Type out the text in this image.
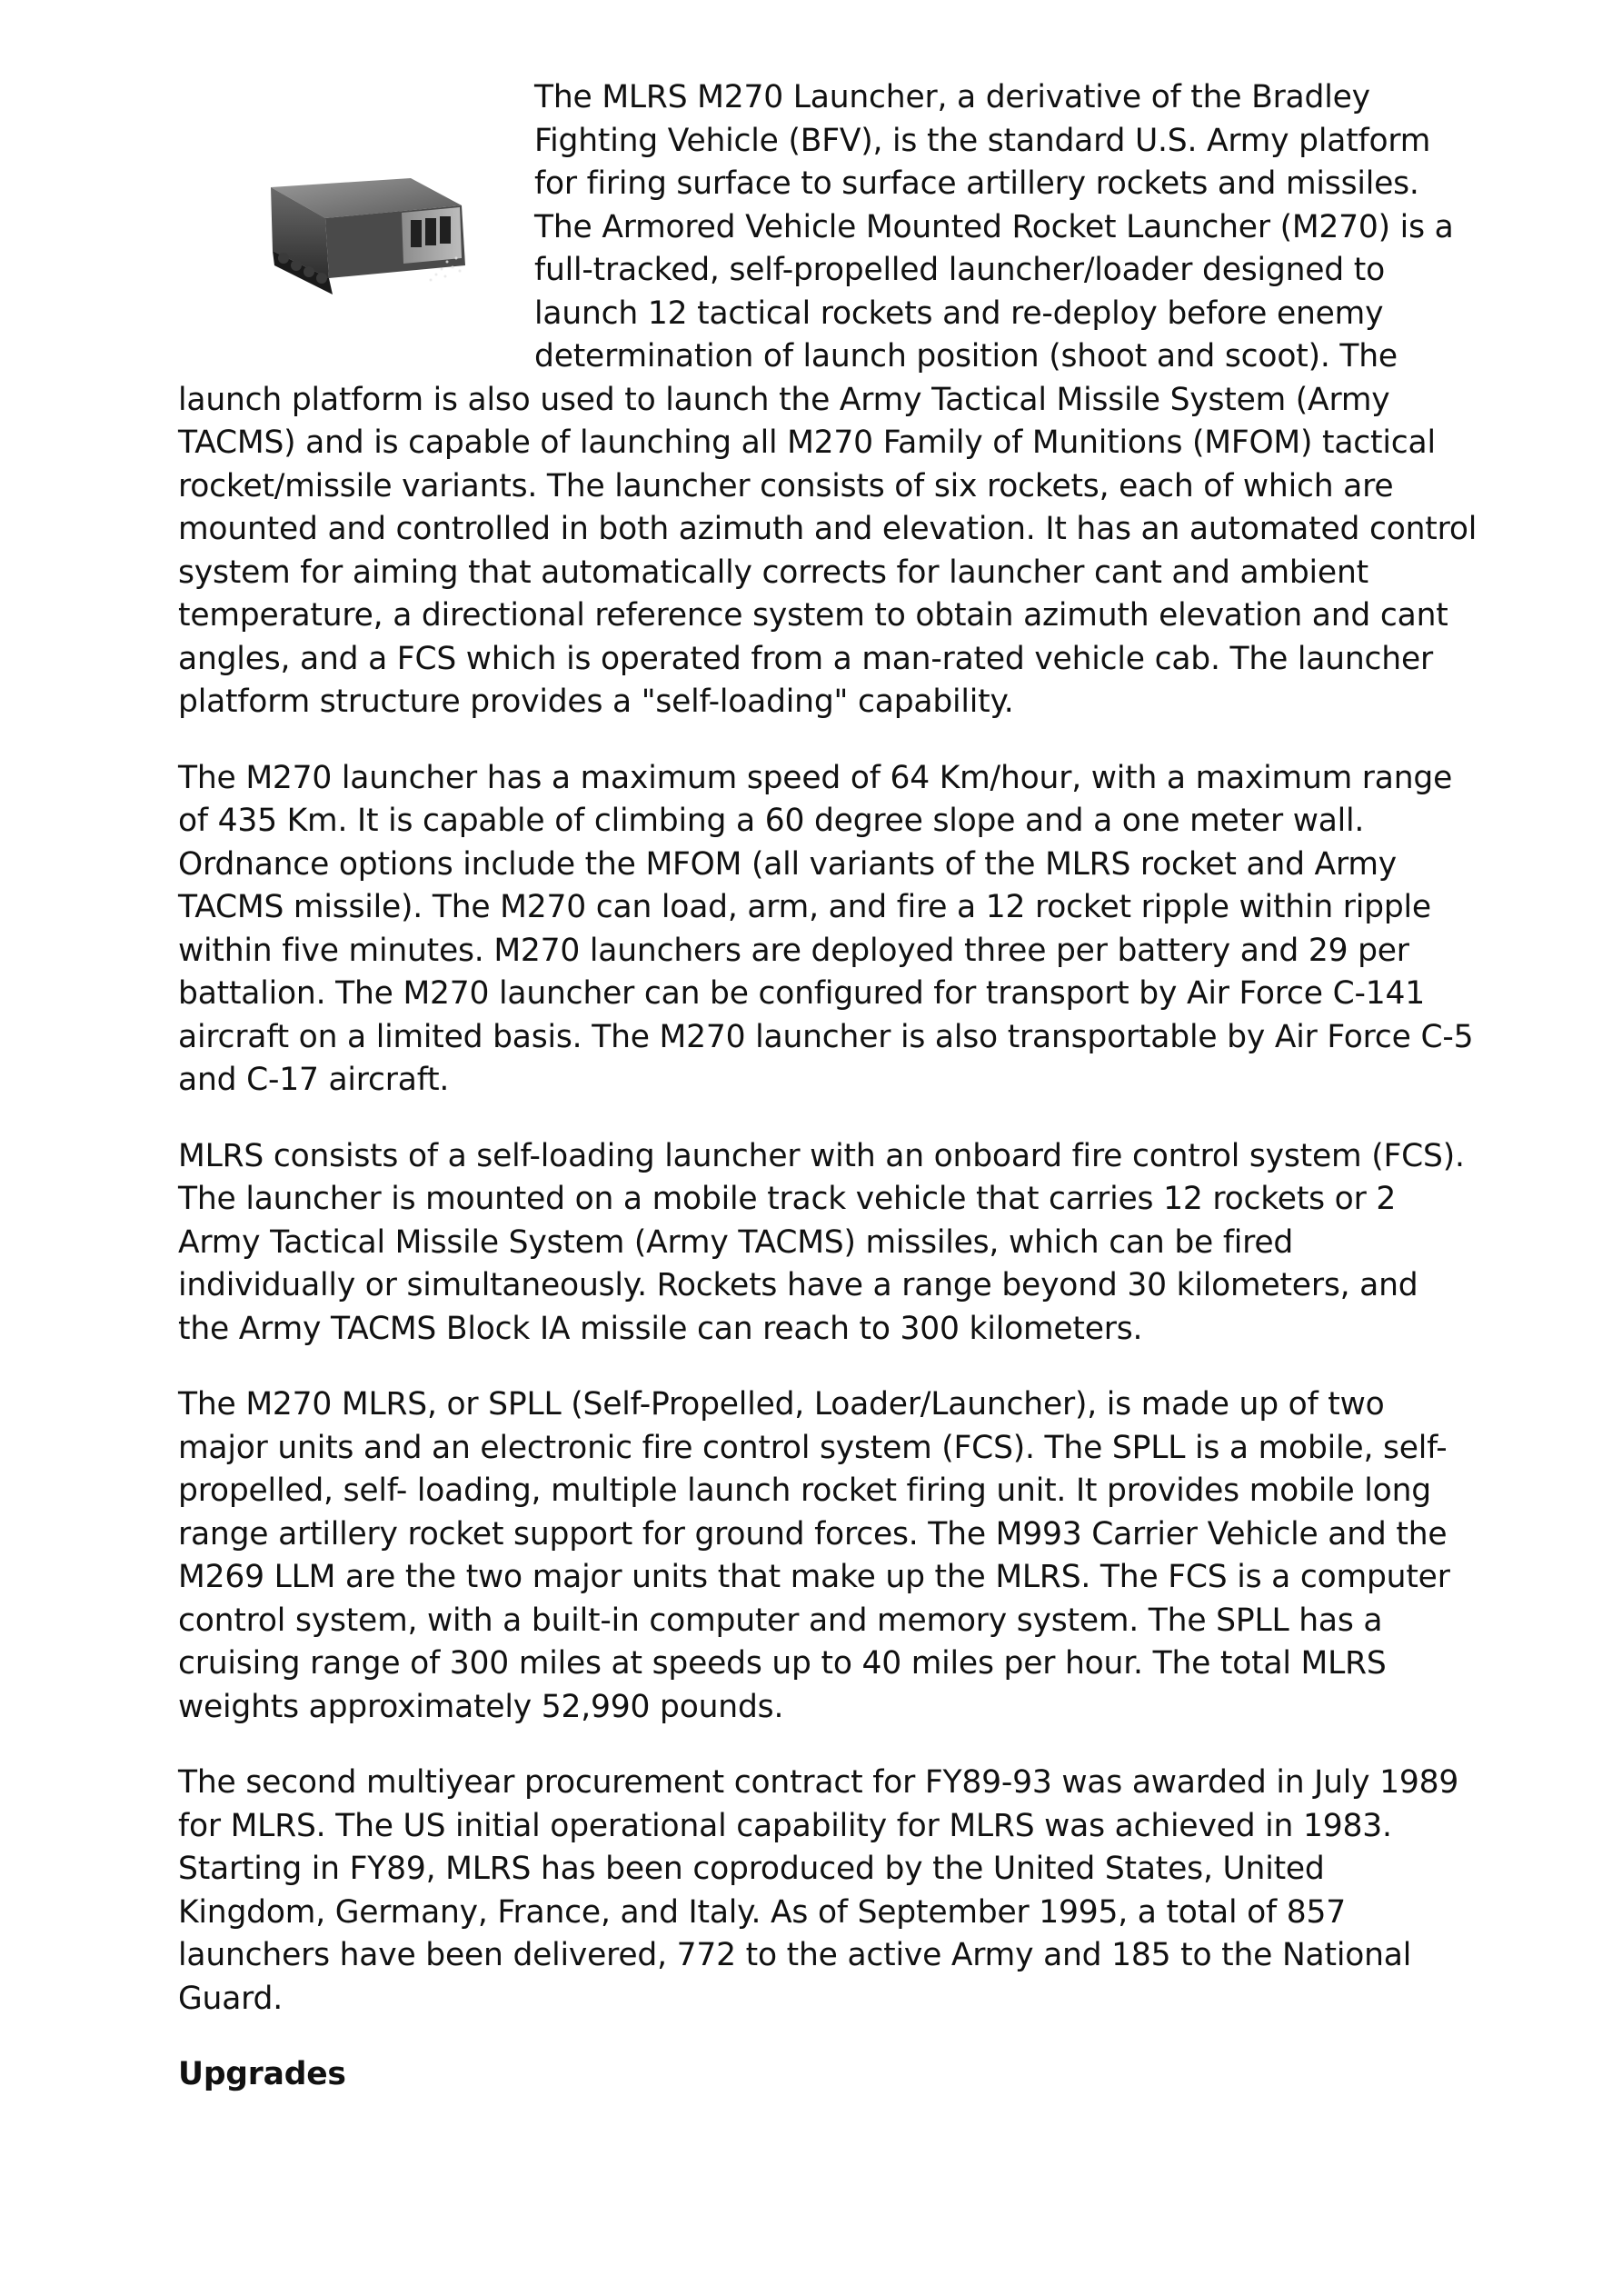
The MLRS M270 Launcher, a derivative of the Bradley Fighting Vehicle (BFV), is the standard U.S. Army platform for firing surface to surface artillery rockets and missiles. The Armored Vehicle Mounted Rocket Launcher (M270) is a full-tracked, self-propelled launcher/loader designed to launch 12 tactical rockets and re-deploy before enemy determination of launch position (shoot and scoot). The launch platform is also used to launch the Army Tactical Missile System (Army TACMS) and is capable of launching all M270 Family of Munitions (MFOM) tactical rocket/missile variants. The launcher consists of six rockets, each of which are mounted and controlled in both azimuth and elevation. It has an automated control system for aiming that automatically corrects for launcher cant and ambient temperature, a directional reference system to obtain azimuth elevation and cant angles, and a FCS which is operated from a man-rated vehicle cab. The launcher platform structure provides a "self-loading" capability.

The M270 launcher has a maximum speed of 64 Km/hour, with a maximum range of 435 Km. It is capable of climbing a 60 degree slope and a one meter wall. Ordnance options include the MFOM (all variants of the MLRS rocket and Army TACMS missile). The M270 can load, arm, and fire a 12 rocket ripple within ripple within five minutes. M270 launchers are deployed three per battery and 29 per battalion. The M270 launcher can be configured for transport by Air Force C-141 aircraft on a limited basis. The M270 launcher is also transportable by Air Force C-5 and C-17 aircraft.

MLRS consists of a self-loading launcher with an onboard fire control system (FCS). The launcher is mounted on a mobile track vehicle that carries 12 rockets or 2 Army Tactical Missile System (Army TACMS) missiles, which can be fired individually or simultaneously. Rockets have a range beyond 30 kilometers, and the Army TACMS Block IA missile can reach to 300 kilometers.

The M270 MLRS, or SPLL (Self-Propelled, Loader/Launcher), is made up of two major units and an electronic fire control system (FCS). The SPLL is a mobile, self-propelled, self- loading, multiple launch rocket firing unit. It provides mobile long range artillery rocket support for ground forces. The M993 Carrier Vehicle and the M269 LLM are the two major units that make up the MLRS. The FCS is a computer control system, with a built-in computer and memory system. The SPLL has a cruising range of 300 miles at speeds up to 40 miles per hour. The total MLRS weights approximately 52,990 pounds.

The second multiyear procurement contract for FY89-93 was awarded in July 1989 for MLRS. The US initial operational capability for MLRS was achieved in 1983. Starting in FY89, MLRS has been coproduced by the United States, United Kingdom, Germany, France, and Italy. As of September 1995, a total of 857 launchers have been delivered, 772 to the active Army and 185 to the National Guard.

Upgrades
